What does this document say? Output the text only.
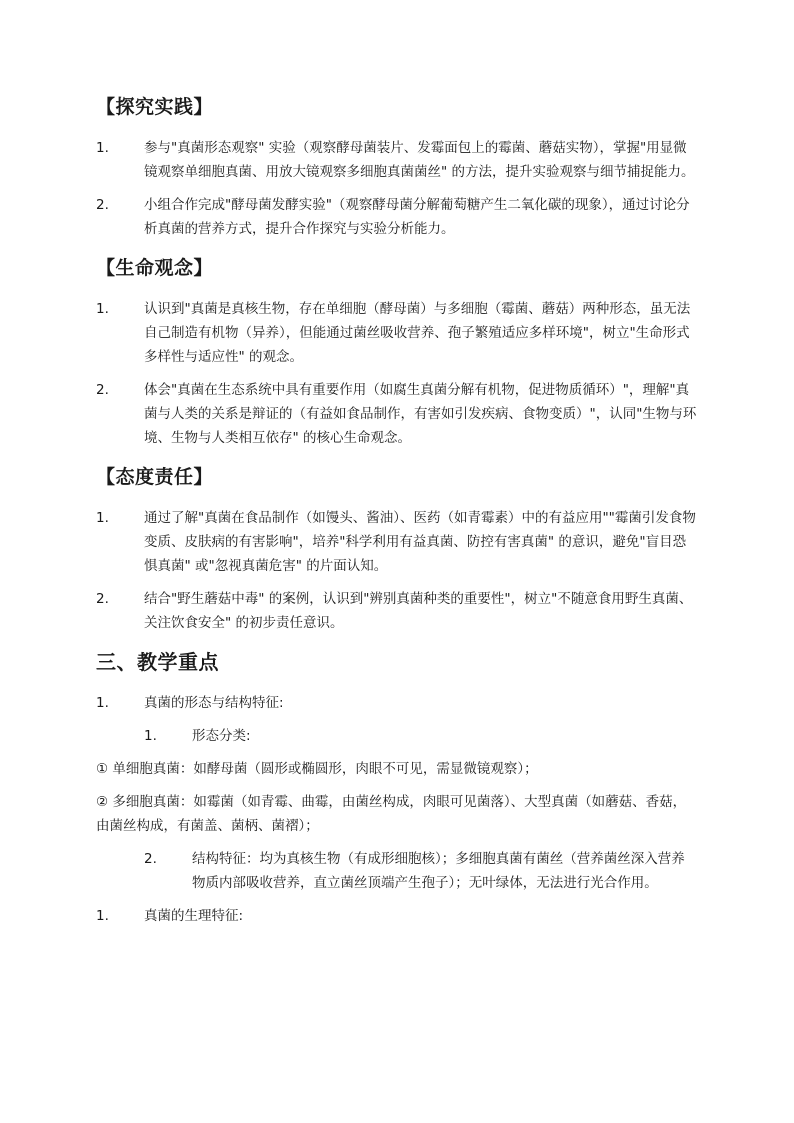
【探究实践】
1.	参与"真菌形态观察" 实验（观察酵母菌装片、发霉面包上的霉菌、蘑菇实物），掌握"用显微镜观察单细胞真菌、用放大镜观察多细胞真菌菌丝" 的方法，提升实验观察与细节捕捉能力。
2.	小组合作完成"酵母菌发酵实验"（观察酵母菌分解葡萄糖产生二氧化碳的现象），通过讨论分析真菌的营养方式，提升合作探究与实验分析能力。
【生命观念】
1.	认识到"真菌是真核生物，存在单细胞（酵母菌）与多细胞（霉菌、蘑菇）两种形态，虽无法自己制造有机物（异养），但能通过菌丝吸收营养、孢子繁殖适应多样环境"，树立"生命形式多样性与适应性" 的观念。
2.	体会"真菌在生态系统中具有重要作用（如腐生真菌分解有机物，促进物质循环）"，理解"真菌与人类的关系是辩证的（有益如食品制作，有害如引发疾病、食物变质）"，认同"生物与环境、生物与人类相互依存" 的核心生命观念。
【态度责任】
1.	通过了解"真菌在食品制作（如馒头、酱油）、医药（如青霉素）中的有益应用""霉菌引发食物变质、皮肤病的有害影响"，培养"科学利用有益真菌、防控有害真菌" 的意识，避免"盲目恐惧真菌" 或"忽视真菌危害" 的片面认知。
2.	结合"野生蘑菇中毒" 的案例，认识到"辨别真菌种类的重要性"，树立"不随意食用野生真菌、关注饮食安全" 的初步责任意识。
三、教学重点
1.	真菌的形态与结构特征:
1.	形态分类:
① 单细胞真菌：如酵母菌（圆形或椭圆形，肉眼不可见，需显微镜观察）；
② 多细胞真菌：如霉菌（如青霉、曲霉，由菌丝构成，肉眼可见菌落）、大型真菌（如蘑菇、香菇，由菌丝构成，有菌盖、菌柄、菌褶）；
2.	结构特征：均为真核生物（有成形细胞核）；多细胞真菌有菌丝（营养菌丝深入营养物质内部吸收营养，直立菌丝顶端产生孢子）；无叶绿体，无法进行光合作用。
1.	真菌的生理特征:
